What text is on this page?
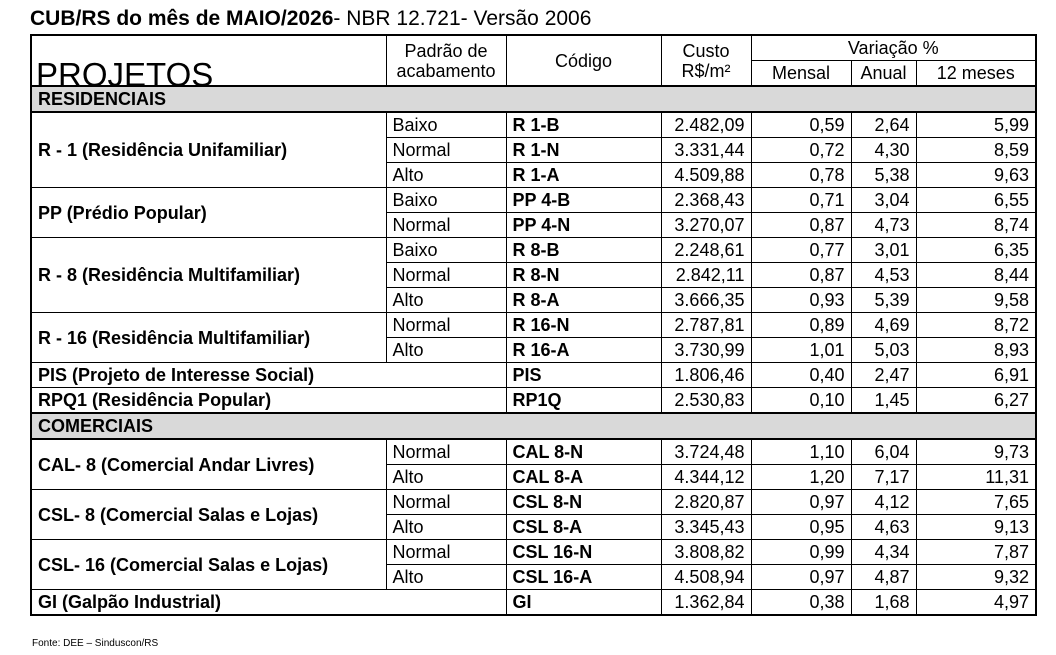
CUB/RS do mês de MAIO/2026- NBR 12.721- Versão 2006
PROJETOS	Padrão de acabamento	Código	Custo
R$/m²	Variação %		
				Mensal	Anual	12 meses
RESIDENCIAIS						
R - 1 (Residência Unifamiliar)	Baixo	R 1-B	2.482,09	0,59	2,64	5,99
	Normal	R 1-N	3.331,44	0,72	4,30	8,59
	Alto	R 1-A	4.509,88	0,78	5,38	9,63
PP (Prédio Popular)	Baixo	PP 4-B	2.368,43	0,71	3,04	6,55
	Normal	PP 4-N	3.270,07	0,87	4,73	8,74
R - 8 (Residência Multifamiliar)	Baixo	R 8-B	2.248,61	0,77	3,01	6,35
	Normal	R 8-N	2.842,11	0,87	4,53	8,44
	Alto	R 8-A	3.666,35	0,93	5,39	9,58
R - 16 (Residência Multifamiliar)	Normal	R 16-N	2.787,81	0,89	4,69	8,72
	Alto	R 16-A	3.730,99	1,01	5,03	8,93
PIS (Projeto de Interesse Social)		PIS	1.806,46	0,40	2,47	6,91
RPQ1 (Residência Popular)		RP1Q	2.530,83	0,10	1,45	6,27
COMERCIAIS						
CAL- 8 (Comercial Andar Livres)	Normal	CAL 8-N	3.724,48	1,10	6,04	9,73
	Alto	CAL 8-A	4.344,12	1,20	7,17	11,31
CSL- 8 (Comercial Salas e Lojas)	Normal	CSL 8-N	2.820,87	0,97	4,12	7,65
	Alto	CSL 8-A	3.345,43	0,95	4,63	9,13
CSL- 16 (Comercial Salas e Lojas)	Normal	CSL 16-N	3.808,82	0,99	4,34	7,87
	Alto	CSL 16-A	4.508,94	0,97	4,87	9,32
GI (Galpão Industrial)		GI	1.362,84	0,38	1,68	4,97
Fonte: DEE – Sinduscon/RS
